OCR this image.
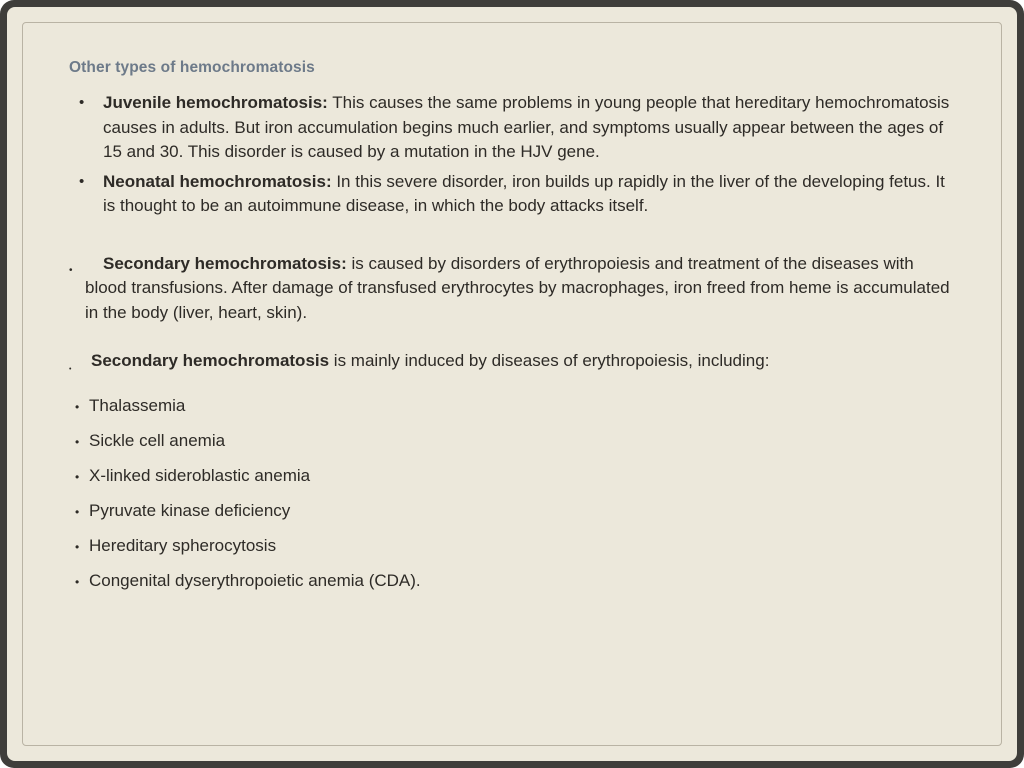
Other types of hemochromatosis
• Juvenile hemochromatosis: This causes the same problems in young people that hereditary hemochromatosis causes in adults. But iron accumulation begins much earlier, and symptoms usually appear between the ages of 15 and 30. This disorder is caused by a mutation in the HJV gene.
• Neonatal hemochromatosis: In this severe disorder, iron builds up rapidly in the liver of the developing fetus. It is thought to be an autoimmune disease, in which the body attacks itself.

• Secondary hemochromatosis: is caused by disorders of erythropoiesis and treatment of the diseases with blood transfusions. After damage of transfused erythrocytes by macrophages, iron freed from heme is accumulated in the body (liver, heart, skin).

• Secondary hemochromatosis is mainly induced by diseases of erythropoiesis, including:

• Thalassemia
• Sickle cell anemia
• X-linked sideroblastic anemia
• Pyruvate kinase deficiency
• Hereditary spherocytosis
• Congenital dyserythropoietic anemia (CDA).
